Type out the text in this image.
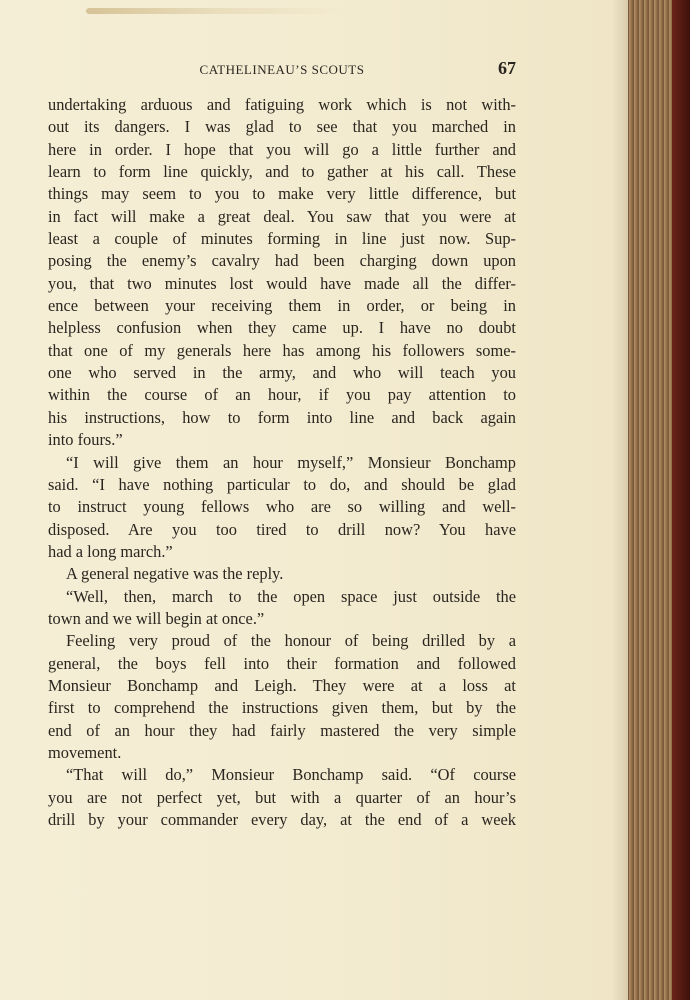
CATHELINEAU’S SCOUTS	67
undertaking arduous and fatiguing work which is not with-
out its dangers. I was glad to see that you marched in
here in order. I hope that you will go a little further and
learn to form line quickly, and to gather at his call. These
things may seem to you to make very little difference, but
in fact will make a great deal. You saw that you were at
least a couple of minutes forming in line just now. Sup-
posing the enemy’s cavalry had been charging down upon
you, that two minutes lost would have made all the differ-
ence between your receiving them in order, or being in
helpless confusion when they came up. I have no doubt
that one of my generals here has among his followers some-
one who served in the army, and who will teach you
within the course of an hour, if you pay attention to
his instructions, how to form into line and back again
into fours.”
“I will give them an hour myself,” Monsieur Bonchamp
said. “I have nothing particular to do, and should be glad
to instruct young fellows who are so willing and well-
disposed. Are you too tired to drill now? You have
had a long march.”
A general negative was the reply.
“Well, then, march to the open space just outside the
town and we will begin at once.”
Feeling very proud of the honour of being drilled by a
general, the boys fell into their formation and followed
Monsieur Bonchamp and Leigh. They were at a loss at
first to comprehend the instructions given them, but by the
end of an hour they had fairly mastered the very simple
movement.
“That will do,” Monsieur Bonchamp said. “Of course
you are not perfect yet, but with a quarter of an hour’s
drill by your commander every day, at the end of a week
